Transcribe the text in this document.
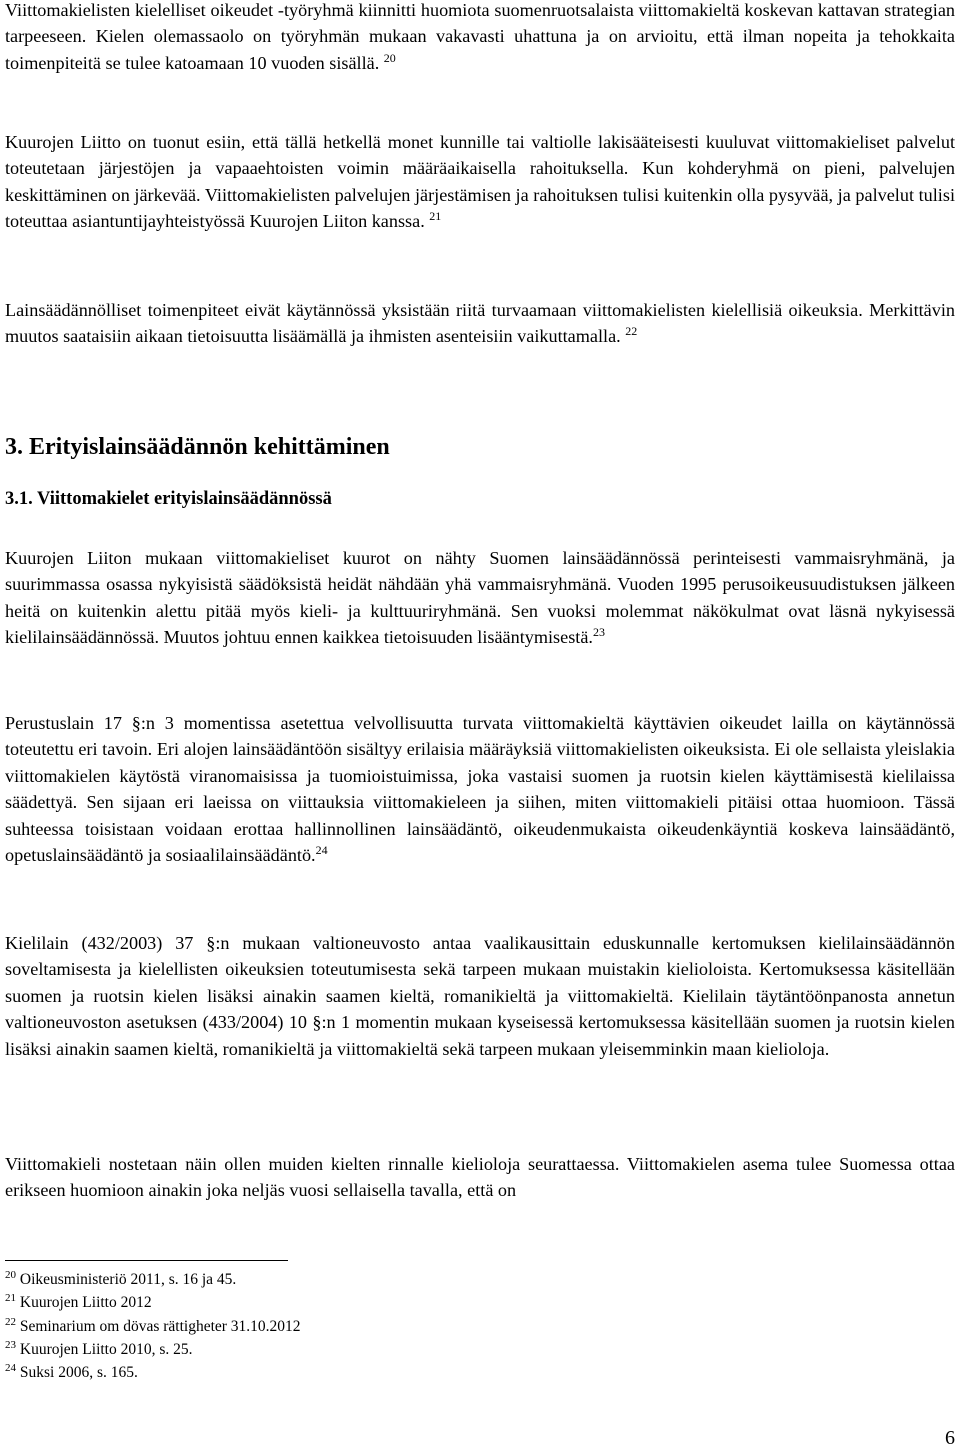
Viittomakielisten kielelliset oikeudet -työryhmä kiinnitti huomiota suomenruotsalaista viittomakieltä koskevan kattavan strategian tarpeeseen. Kielen olemassaolo on työryhmän mukaan vakavasti uhattuna ja on arvioitu, että ilman nopeita ja tehokkaita toimenpiteitä se tulee katoamaan 10 vuoden sisällä. $^{20}$

Kuurojen Liitto on tuonut esiin, että tällä hetkellä monet kunnille tai valtiolle lakisääteisesti kuuluvat viittomakieliset palvelut toteutetaan järjestöjen ja vapaaehtoisten voimin määräaikaisella rahoituksella. Kun kohderyhmä on pieni, palvelujen keskittäminen on järkevää. Viittomakielisten palvelujen järjestämisen ja rahoituksen tulisi kuitenkin olla pysyvää, ja palvelut tulisi toteuttaa asiantuntijayhteistyössä Kuurojen Liiton kanssa. $^{21}$

Lainsäädännölliset toimenpiteet eivät käytännössä yksistään riitä turvaamaan viittomakielisten kielellisiä oikeuksia. Merkittävin muutos saataisiin aikaan tietoisuutta lisäämällä ja ihmisten asenteisiin vaikuttamalla. $^{22}$

3. Erityislainsäädännön kehittäminen
3.1. Viittomakielet erityislainsäädännössä

Kuurojen Liiton mukaan viittomakieliset kuurot on nähty Suomen lainsäädännössä perinteisesti vammaisryhmänä, ja suurimmassa osassa nykyisistä säädöksistä heidät nähdään yhä vammaisryhmänä. Vuoden 1995 perusoikeusuudistuksen jälkeen heitä on kuitenkin alettu pitää myös kieli- ja kulttuuriryhmänä. Sen vuoksi molemmat näkökulmat ovat läsnä nykyisessä kielilainsäädännössä. Muutos johtuu ennen kaikkea tietoisuuden lisääntymisestä.$^{23}$

Perustuslain 17 §:n 3 momentissa asetettua velvollisuutta turvata viittomakieltä käyttävien oikeudet lailla on käytännössä toteutettu eri tavoin. Eri alojen lainsäädäntöön sisältyy erilaisia määräyksiä viittomakielisten oikeuksista. Ei ole sellaista yleislakia viittomakielen käytöstä viranomaisissa ja tuomioistuimissa, joka vastaisi suomen ja ruotsin kielen käyttämisestä kielilaissa säädettyä. Sen sijaan eri laeissa on viittauksia viittomakieleen ja siihen, miten viittomakieli pitäisi ottaa huomioon. Tässä suhteessa toisistaan voidaan erottaa hallinnollinen lainsäädäntö, oikeudenmukaista oikeudenkäyntiä koskeva lainsäädäntö, opetuslainsäädäntö ja sosiaalilainsäädäntö.$^{24}$

Kielilain (432/2003) 37 §:n mukaan valtioneuvosto antaa vaalikausittain eduskunnalle kertomuksen kielilainsäädännön soveltamisesta ja kielellisten oikeuksien toteutumisesta sekä tarpeen mukaan muistakin kielioloista. Kertomuksessa käsitellään suomen ja ruotsin kielen lisäksi ainakin saamen kieltä, romanikieltä ja viittomakieltä. Kielilain täytäntöönpanosta annetun valtioneuvoston asetuksen (433/2004) 10 §:n 1 momentin mukaan kyseisessä kertomuksessa käsitellään suomen ja ruotsin kielen lisäksi ainakin saamen kieltä, romanikieltä ja viittomakieltä sekä tarpeen mukaan yleisemminkin maan kieliolojа.

Viittomakieli nostetaan näin ollen muiden kielten rinnalle kielioloja seurattaessa. Viittomakielen asema tulee Suomessa ottaa erikseen huomioon ainakin joka neljäs vuosi sellaisella tavalla, että on

$^{20}$ Oikeusministeriö 2011, s. 16 ja 45.

$^{21}$ Kuurojen Liitto 2012

$^{22}$ Seminarium om dövas rättigheter 31.10.2012

$^{23}$ Kuurojen Liitto 2010, s. 25.

$^{24}$ Suksi 2006, s. 165.

6
